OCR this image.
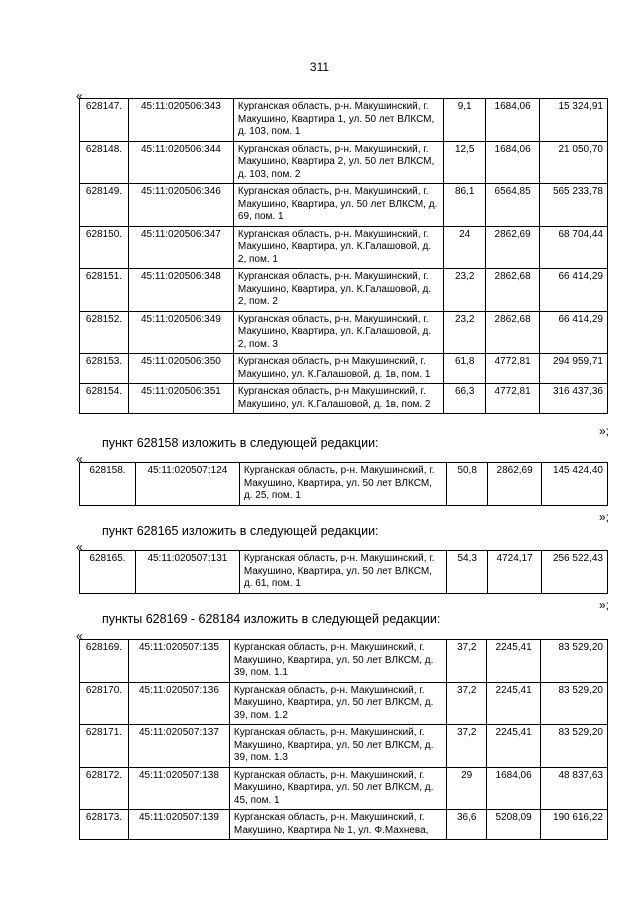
311
«
628147.	45:11:020506:343	Курганская область, р-н. Макушинский, г. Макушино, Квартира 1, ул. 50 лет ВЛКСМ, д. 103, пом. 1	9,1	1684,06	15 324,91
628148.	45:11:020506:344	Курганская область, р-н. Макушинский, г. Макушино, Квартира 2, ул. 50 лет ВЛКСМ, д. 103, пом. 2	12,5	1684,06	21 050,70
628149.	45:11:020506:346	Курганская область, р-н. Макушинский, г. Макушино, Квартира, ул. 50 лет ВЛКСМ, д. 69, пом. 1	86,1	6564,85	565 233,78
628150.	45:11:020506:347	Курганская область, р-н. Макушинский, г. Макушино, Квартира, ул. К.Галашовой, д. 2, пом. 1	24	2862,69	68 704,44
628151.	45:11:020506:348	Курганская область, р-н. Макушинский, г. Макушино, Квартира, ул. К.Галашовой, д. 2, пом. 2	23,2	2862,68	66 414,29
628152.	45:11:020506:349	Курганская область, р-н. Макушинский, г. Макушино, Квартира, ул. К.Галашовой, д. 2, пом. 3	23,2	2862,68	66 414,29
628153.	45:11:020506:350	Курганская область, р-н Макушинский, г. Макушино, ул. К.Галашовой, д. 1в, пом. 1	61,8	4772,81	294 959,71
628154.	45:11:020506:351	Курганская область, р-н Макушинский, г. Макушино, ул. К.Галашовой, д. 1в, пом. 2	66,3	4772,81	316 437,36
»;
пункт 628158 изложить в следующей редакции:
«
628158.	45:11:020507:124	Курганская область, р-н. Макушинский, г. Макушино, Квартира, ул. 50 лет ВЛКСМ, д. 25, пом. 1	50,8	2862,69	145 424,40
»;
пункт 628165 изложить в следующей редакции:
«
628165.	45:11:020507:131	Курганская область, р-н. Макушинский, г. Макушино, Квартира, ул. 50 лет ВЛКСМ, д. 61, пом. 1	54,3	4724,17	256 522,43
»;
пункты 628169 - 628184 изложить в следующей редакции:
«
628169.	45:11:020507:135	Курганская область, р-н. Макушинский, г. Макушино, Квартира, ул. 50 лет ВЛКСМ, д. 39, пом. 1.1	37,2	2245,41	83 529,20
628170.	45:11:020507:136	Курганская область, р-н. Макушинский, г. Макушино, Квартира, ул. 50 лет ВЛКСМ, д. 39, пом. 1.2	37,2	2245,41	83 529,20
628171.	45:11:020507:137	Курганская область, р-н. Макушинский, г. Макушино, Квартира, ул. 50 лет ВЛКСМ, д. 39, пом. 1.3	37,2	2245,41	83 529,20
628172.	45:11:020507:138	Курганская область, р-н. Макушинский, г. Макушино, Квартира, ул. 50 лет ВЛКСМ, д. 45, пом. 1	29	1684,06	48 837,63
628173.	45:11:020507:139	Курганская область, р-н. Макушинский, г. Макушино, Квартира № 1, ул. Ф.Махнева,	36,6	5208,09	190 616,22
